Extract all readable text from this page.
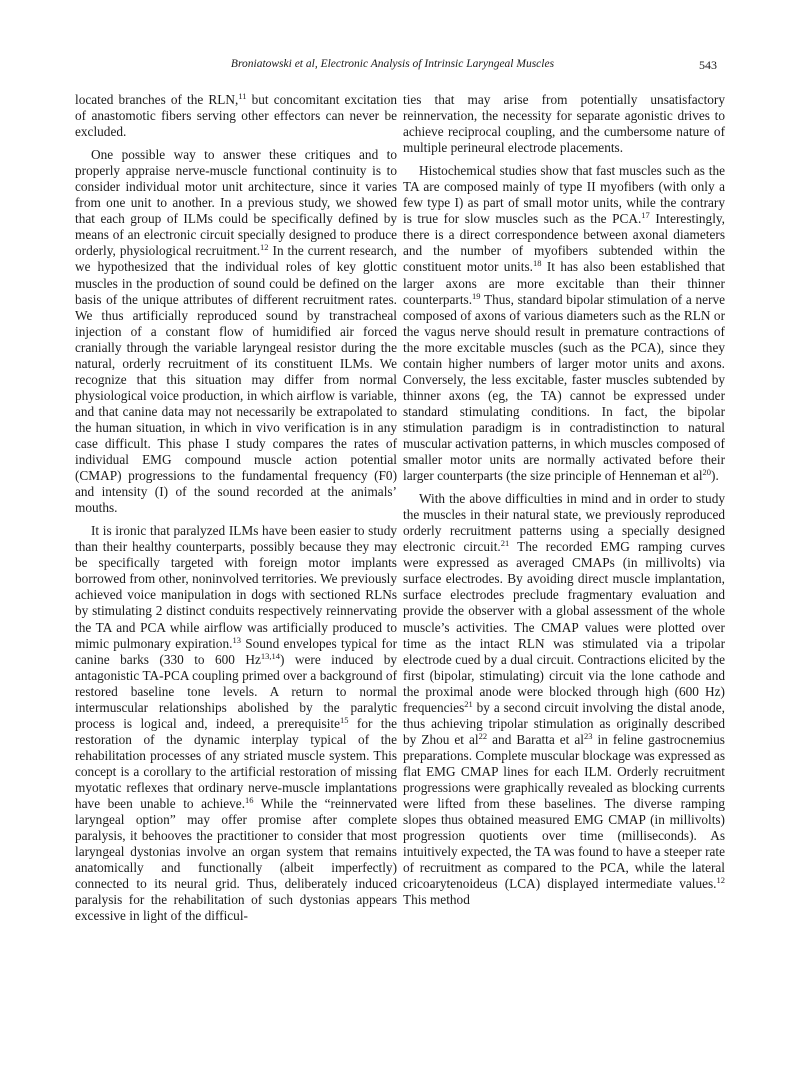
Broniatowski et al, Electronic Analysis of Intrinsic Laryngeal Muscles	543

located branches of the RLN,$^{11}$ but concomitant excitation of anastomotic fibers serving other effectors can never be excluded.

One possible way to answer these critiques and to properly appraise nerve-muscle functional continuity is to consider individual motor unit architecture, since it varies from one unit to another. In a previous study, we showed that each group of ILMs could be specifically defined by means of an electronic circuit specially designed to produce orderly, physiological recruitment.$^{12}$ In the current research, we hypothesized that the individual roles of key glottic muscles in the production of sound could be defined on the basis of the unique attributes of different recruitment rates. We thus artificially reproduced sound by transtracheal injection of a constant flow of humidified air forced cranially through the variable laryngeal resistor during the natural, orderly recruitment of its constituent ILMs. We recognize that this situation may differ from normal physiological voice production, in which airflow is variable, and that canine data may not necessarily be extrapolated to the human situation, in which in vivo verification is in any case difficult. This phase I study compares the rates of individual EMG compound muscle action potential (CMAP) progressions to the fundamental frequency (F0) and intensity (I) of the sound recorded at the animals’ mouths.

It is ironic that paralyzed ILMs have been easier to study than their healthy counterparts, possibly because they may be specifically targeted with foreign motor implants borrowed from other, noninvolved territories. We previously achieved voice manipulation in dogs with sectioned RLNs by stimulating 2 distinct conduits respectively reinnervating the TA and PCA while airflow was artificially produced to mimic pulmonary expiration.$^{13}$ Sound envelopes typical for canine barks (330 to 600 Hz$^{13,14}$) were induced by antagonistic TA-PCA coupling primed over a background of restored baseline tone levels. A return to normal intermuscular relationships abolished by the paralytic process is logical and, indeed, a prerequisite$^{15}$ for the restoration of the dynamic interplay typical of the rehabilitation processes of any striated muscle system. This concept is a corollary to the artificial restoration of missing myotatic reflexes that ordinary nerve-muscle implantations have been unable to achieve.$^{16}$ While the “reinnervated laryngeal option” may offer promise after complete paralysis, it behooves the practitioner to consider that most laryngeal dystonias involve an organ system that remains anatomically and functionally (albeit imperfectly) connected to its neural grid. Thus, deliberately induced paralysis for the rehabilitation of such dystonias appears excessive in light of the difficul-

ties that may arise from potentially unsatisfactory reinnervation, the necessity for separate agonistic drives to achieve reciprocal coupling, and the cumbersome nature of multiple perineural electrode placements.

Histochemical studies show that fast muscles such as the TA are composed mainly of type II myofibers (with only a few type I) as part of small motor units, while the contrary is true for slow muscles such as the PCA.$^{17}$ Interestingly, there is a direct correspondence between axonal diameters and the number of myofibers subtended within the constituent motor units.$^{18}$ It has also been established that larger axons are more excitable than their thinner counterparts.$^{19}$ Thus, standard bipolar stimulation of a nerve composed of axons of various diameters such as the RLN or the vagus nerve should result in premature contractions of the more excitable muscles (such as the PCA), since they contain higher numbers of larger motor units and axons. Conversely, the less excitable, faster muscles subtended by thinner axons (eg, the TA) cannot be expressed under standard stimulating conditions. In fact, the bipolar stimulation paradigm is in contradistinction to natural muscular activation patterns, in which muscles composed of smaller motor units are normally activated before their larger counterparts (the size principle of Henneman et $al^{20}$).

With the above difficulties in mind and in order to study the muscles in their natural state, we previously reproduced orderly recruitment patterns using a specially designed electronic circuit.$^{21}$ The recorded EMG ramping curves were expressed as averaged CMAPs (in millivolts) via surface electrodes. By avoiding direct muscle implantation, surface electrodes preclude fragmentary evaluation and provide the observer with a global assessment of the whole muscle’s activities. The CMAP values were plotted over time as the intact RLN was stimulated via a tripolar electrode cued by a dual circuit. Contractions elicited by the first (bipolar, stimulating) circuit via the lone cathode and the proximal anode were blocked through high (600 Hz) frequencies$^{21}$ by a second circuit involving the distal anode, thus achieving tripolar stimulation as originally described by Zhou et $al^{22}$ and Baratta et $al^{23}$ in feline gastrocnemius preparations. Complete muscular blockage was expressed as flat EMG CMAP lines for each ILM. Orderly recruitment progressions were graphically revealed as blocking currents were lifted from these baselines. The diverse ramping slopes thus obtained measured EMG CMAP (in millivolts) progression quotients over time (milliseconds). As intuitively expected, the TA was found to have a steeper rate of recruitment as compared to the PCA, while the lateral cricoarytenoideus (LCA) displayed intermediate values.$^{12}$ This method
